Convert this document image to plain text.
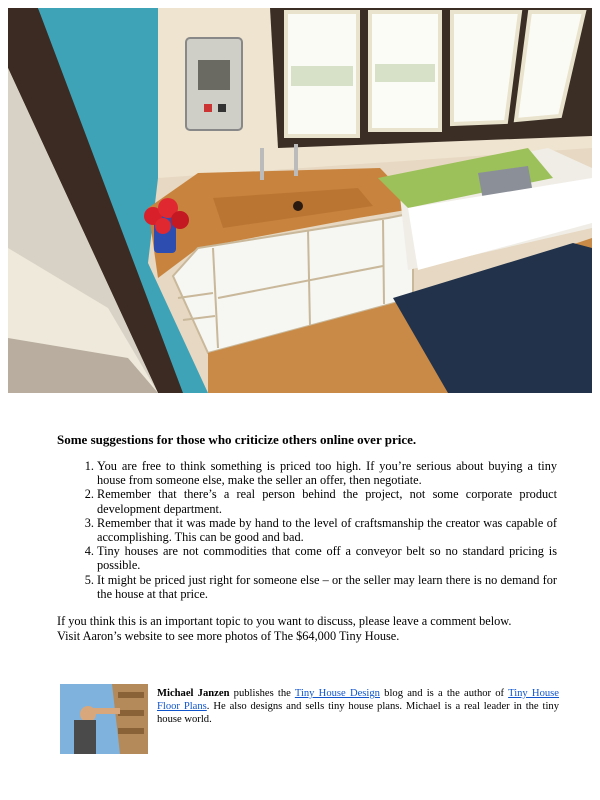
Some suggestions for those who criticize others online over price.

1. You are free to think something is priced too high. If you’re serious about buying a tiny house from someone else, make the seller an offer, then negotiate.
2. Remember that there’s a real person behind the project, not some corporate product development department.
3. Remember that it was made by hand to the level of craftsmanship the creator was capable of accomplishing. This can be good and bad.
4. Tiny houses are not commodities that come off a conveyor belt so no standard pricing is possible.
5. It might be priced just right for someone else – or the seller may learn there is no demand for the house at that price.

If you think this is an important topic to you want to discuss, please leave a comment below.

Visit Aaron’s website to see more photos of The $64,000 Tiny House.

Michael Janzen publishes the Tiny House Design blog and is a the author of Tiny House Floor Plans. He also designs and sells tiny house plans. Michael is a real leader in the tiny house world.
